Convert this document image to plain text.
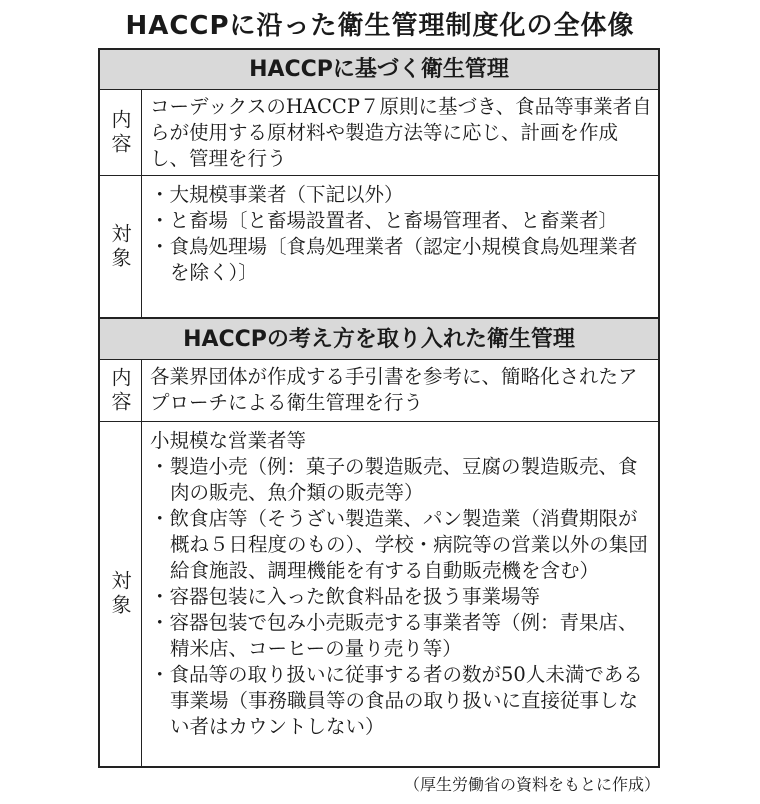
HACCPに沿った衛生管理制度化の全体像
HACCPに基づく衛生管理
内容
コーデックスのHACCP７原則に基づき、食品等事業者自らが使用する原材料や製造方法等に応じ、計画を作成し、管理を行う
対象

・大規模事業者（下記以外）

・と畜場〔と畜場設置者、と畜場管理者、と畜業者〕

・食鳥処理場〔食鳥処理業者（認定小規模食鳥処理業者を除く）〕

HACCPの考え方を取り入れた衛生管理
内容 各業界団体が作成する手引書を参考に、簡略化されたアプローチによる衛生管理を行う
対象

小規模な営業者等

・製造小売（例：菓子の製造販売、豆腐の製造販売、食肉の販売、魚介類の販売等）

・飲食店等（そうざい製造業、パン製造業（消費期限が概ね５日程度のもの）、学校・病院等の営業以外の集団給食施設、調理機能を有する自動販売機を含む）

・容器包装に入った飲食料品を扱う事業場等

・容器包装で包み小売販売する事業者等（例：青果店、精米店、コーヒーの量り売り等）

・食品等の取り扱いに従事する者の数が50人未満である事業場（事務職員等の食品の取り扱いに直接従事しない者はカウントしない）

（厚生労働省の資料をもとに作成）
